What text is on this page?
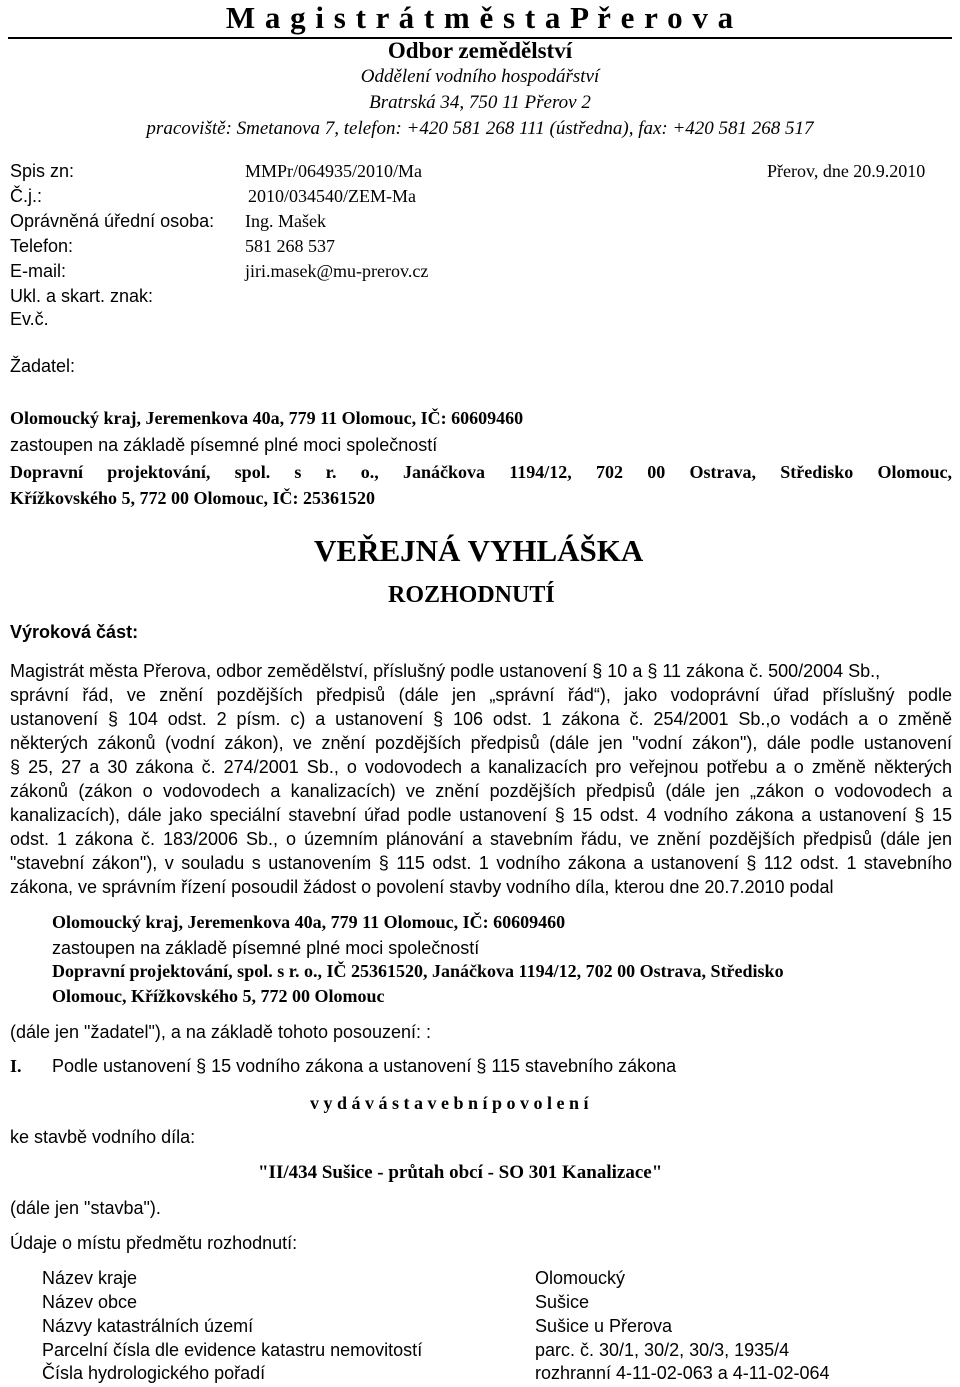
M a g i s t r á t m ě s t a P ř e r o v a
Odbor zemědělství
Oddělení vodního hospodářství
Bratrská 34, 750 11 Přerov 2
pracoviště: Smetanova 7, telefon: +420 581 268 111 (ústředna), fax: +420 581 268 517
Spis zn:	MMPr/064935/2010/Ma	Přerov, dne 20.9.2010
Č.j.:	2010/034540/ZEM-Ma
Oprávněná úřední osoba: Ing. Mašek
Telefon:	581 268 537
E-mail:	jiri.masek@mu-prerov.cz
Ukl. a skart. znak:
Ev.č.
Žadatel:
Olomoucký kraj, Jeremenkova 40a, 779 11 Olomouc, IČ: 60609460
zastoupen na základě písemné plné moci společností
Dopravní projektování, spol. s r. o., Janáčkova 1194/12, 702 00 Ostrava, Středisko Olomouc,
Křížkovského 5, 772 00 Olomouc, IČ: 25361520
VEŘEJNÁ VYHLÁŠKA
ROZHODNUTÍ
Výroková část:
Magistrát města Přerova, odbor zemědělství, příslušný podle ustanovení § 10 a § 11 zákona č. 500/2004 Sb.,
správní řád, ve znění pozdějších předpisů (dále jen „správní řád“), jako vodoprávní úřad příslušný podle
ustanovení § 104 odst. 2 písm. c) a ustanovení § 106 odst. 1 zákona č. 254/2001 Sb.,o vodách a o změně
některých zákonů (vodní zákon), ve znění pozdějších předpisů (dále jen "vodní zákon"), dále podle ustanovení
§ 25, 27 a 30 zákona č. 274/2001 Sb., o vodovodech a kanalizacích pro veřejnou potřebu a o změně některých
zákonů (zákon o vodovodech a kanalizacích) ve znění pozdějších předpisů (dále jen „zákon o vodovodech a
kanalizacích), dále jako speciální stavební úřad podle ustanovení § 15 odst. 4 vodního zákona a ustanovení § 15
odst. 1 zákona č. 183/2006 Sb., o územním plánování a stavebním řádu, ve znění pozdějších předpisů (dále jen
"stavební zákon"), v souladu s ustanovením § 115 odst. 1 vodního zákona a ustanovení § 112 odst. 1 stavebního
zákona, ve správním řízení posoudil žádost o povolení stavby vodního díla, kterou dne 20.7.2010 podal
Olomoucký kraj, Jeremenkova 40a, 779 11 Olomouc, IČ: 60609460
zastoupen na základě písemné plné moci společností
Dopravní projektování, spol. s r. o., IČ 25361520, Janáčkova 1194/12, 702 00 Ostrava, Středisko
Olomouc, Křížkovského 5, 772 00 Olomouc
(dále jen "žadatel"), a na základě tohoto posouzení: :
I. Podle ustanovení § 15 vodního zákona a ustanovení § 115 stavebního zákona
v y d á v á s t a v e b n í p o v o l e n í
ke stavbě vodního díla:
"II/434 Sušice - průtah obcí - SO 301 Kanalizace"
(dále jen "stavba").
Údaje o místu předmětu rozhodnutí:
Název kraje	Olomoucký
Název obce	Sušice
Názvy katastrálních území	Sušice u Přerova
Parcelní čísla dle evidence katastru nemovitostí	parc. č. 30/1, 30/2, 30/3, 1935/4
Čísla hydrologického pořadí	rozhranní 4-11-02-063 a 4-11-02-064
